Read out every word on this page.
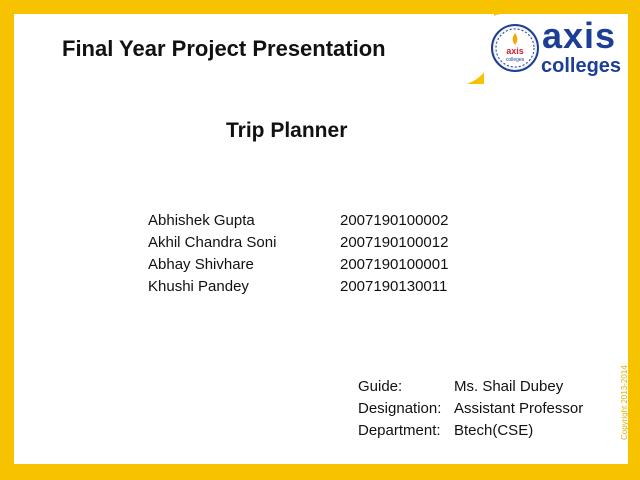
Final Year Project Presentation	axis
colleges
axis
colleges
Trip Planner
Abhishek Gupta	2007190100002
Akhil Chandra Soni	2007190100012
Abhay Shivhare	2007190100001
Khushi Pandey	2007190130011
Guide:	Ms. Shail Dubey
Designation: Assistant Professor
Department: Btech(CSE)	Copyright 2013-2014
